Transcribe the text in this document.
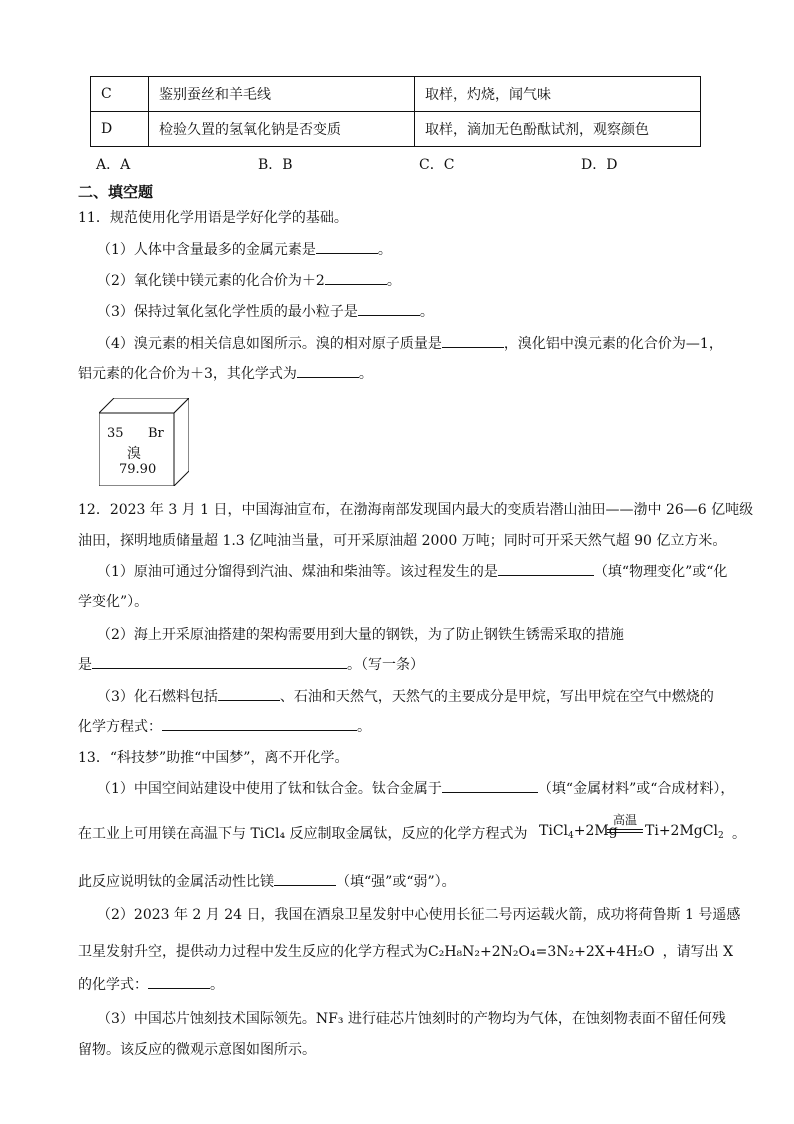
C	鉴别蚕丝和羊毛线	取样，灼烧，闻气味
D	检验久置的氢氧化钠是否变质	取样，滴加无色酚酞试剂，观察颜色
A．A	B．B	C．C	D．D
二、填空题
11．规范使用化学用语是学好化学的基础。
（1）人体中含量最多的金属元素是	。
（2）氧化镁中镁元素的化合价为＋2	。
（3）保持过氧化氢化学性质的最小粒子是	。
（4）溴元素的相关信息如图所示。溴的相对原子质量是	，溴化铝中溴元素的化合价为—1，
铝元素的化合价为＋3，其化学式为	。
35 Br
溴
79.90
12．2023 年 3 月 1 日，中国海油宣布，在渤海南部发现国内最大的变质岩潜山油田——渤中 26—6 亿吨级
油田，探明地质储量超 1.3 亿吨油当量，可开采原油超 2000 万吨；同时可开采天然气超 90 亿立方米。
（1）原油可通过分馏得到汽油、煤油和柴油等。该过程发生的是	（填“物理变化”或“化
学变化”）。
（2）海上开采原油搭建的架构需要用到大量的钢铁，为了防止钢铁生锈需采取的措施
是	。（写一条）
（3）化石燃料包括	、石油和天然气，天然气的主要成分是甲烷，写出甲烷在空气中燃烧的
化学方程式：	。
13．“科技梦”助推“中国梦”，离不开化学。
（1）中国空间站建设中使用了钛和钛合金。钛合金属于	（填“金属材料”或“合成材料），
在工业上可用镁在高温下与 TiCl₄ 反应制取金属钛，反应的化学方程式为
高温
TiCl$_4$+2Mg Ti+2MgCl$_2$ 。
此反应说明钛的金属活动性比镁	（填“强”或“弱”）。
（2）2023 年 2 月 24 日，我国在酒泉卫星发射中心使用长征二号丙运载火箭，成功将荷鲁斯 1 号遥感
卫星发射升空，提供动力过程中发生反应的化学方程式为C₂H₈N₂+2N₂O₄=3N₂+2X+4H₂O ，请写出 X
的化学式：	。
（3）中国芯片蚀刻技术国际领先。NF₃ 进行硅芯片蚀刻时的产物均为气体，在蚀刻物表面不留任何残
留物。该反应的微观示意图如图所示。
